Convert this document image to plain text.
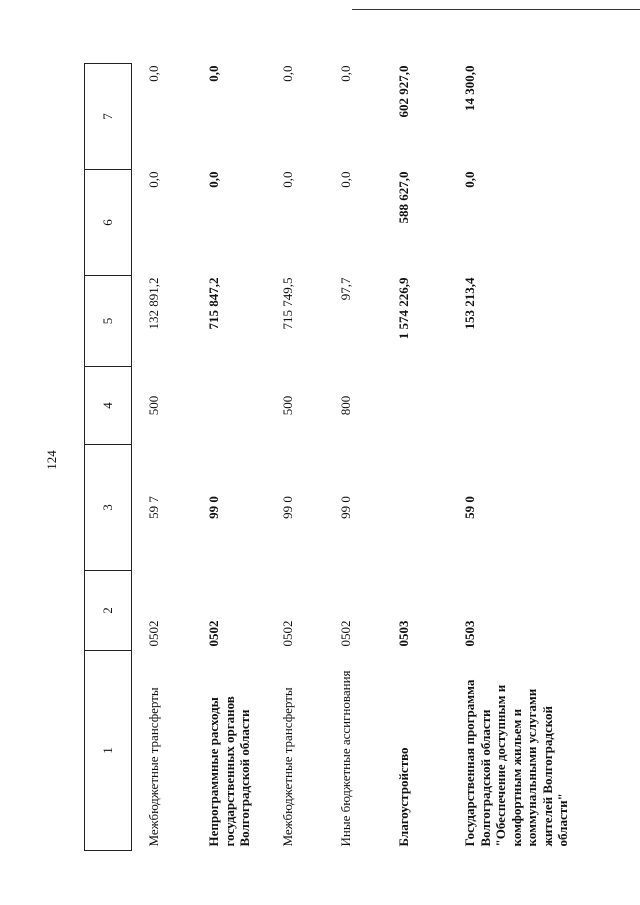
124
1	2	3	4	5	6	7
Межбюджетные трансферты	0502	59 7	500	132 891,2	0,0	0,0
Непрограммные расходы государственных органов Волгоградской области	0502	99 0		715 847,2	0,0	0,0
Межбюджетные трансферты	0502	99 0	500	715 749,5	0,0	0,0
Иные бюджетные ассигнования	0502	99 0	800	97,7	0,0	0,0
Благоустройство	0503			1 574 226,9	588 627,0	602 927,0
Государственная программа Волгоградской области "Обеспечение доступным и комфортным жильем и коммунальными услугами жителей Волгоградской области"	0503	59 0		153 213,4	0,0	14 300,0
